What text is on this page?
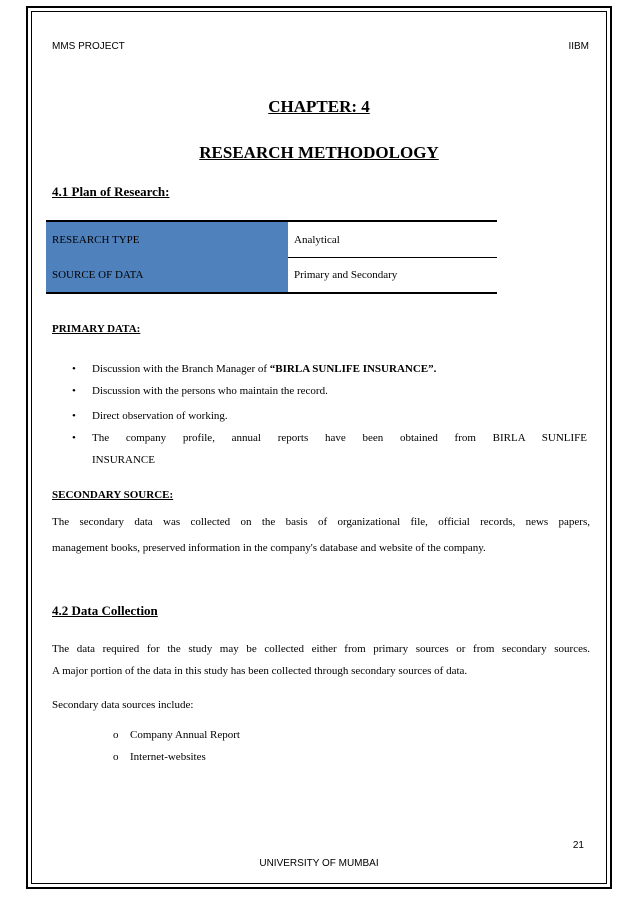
MMS PROJECT	IIBM
CHAPTER: 4
RESEARCH METHODOLOGY
4.1 Plan of Research:
RESEARCH TYPE	Analytical
SOURCE OF DATA	Primary and Secondary
PRIMARY DATA:
• Discussion with the Branch Manager of “BIRLA SUNLIFE INSURANCE”.
• Discussion with the persons who maintain the record.
• Direct observation of working.
• The company profile, annual reports have been obtained from BIRLA SUNLIFE
INSURANCE
SECONDARY SOURCE:
The secondary data was collected on the basis of organizational file, official records, news papers,
management books, preserved information in the company's database and website of the company.
4.2 Data Collection
The data required for the study may be collected either from primary sources or from secondary sources.
A major portion of the data in this study has been collected through secondary sources of data.
Secondary data sources include:
o Company Annual Report
o Internet-websites
21
UNIVERSITY OF MUMBAI
